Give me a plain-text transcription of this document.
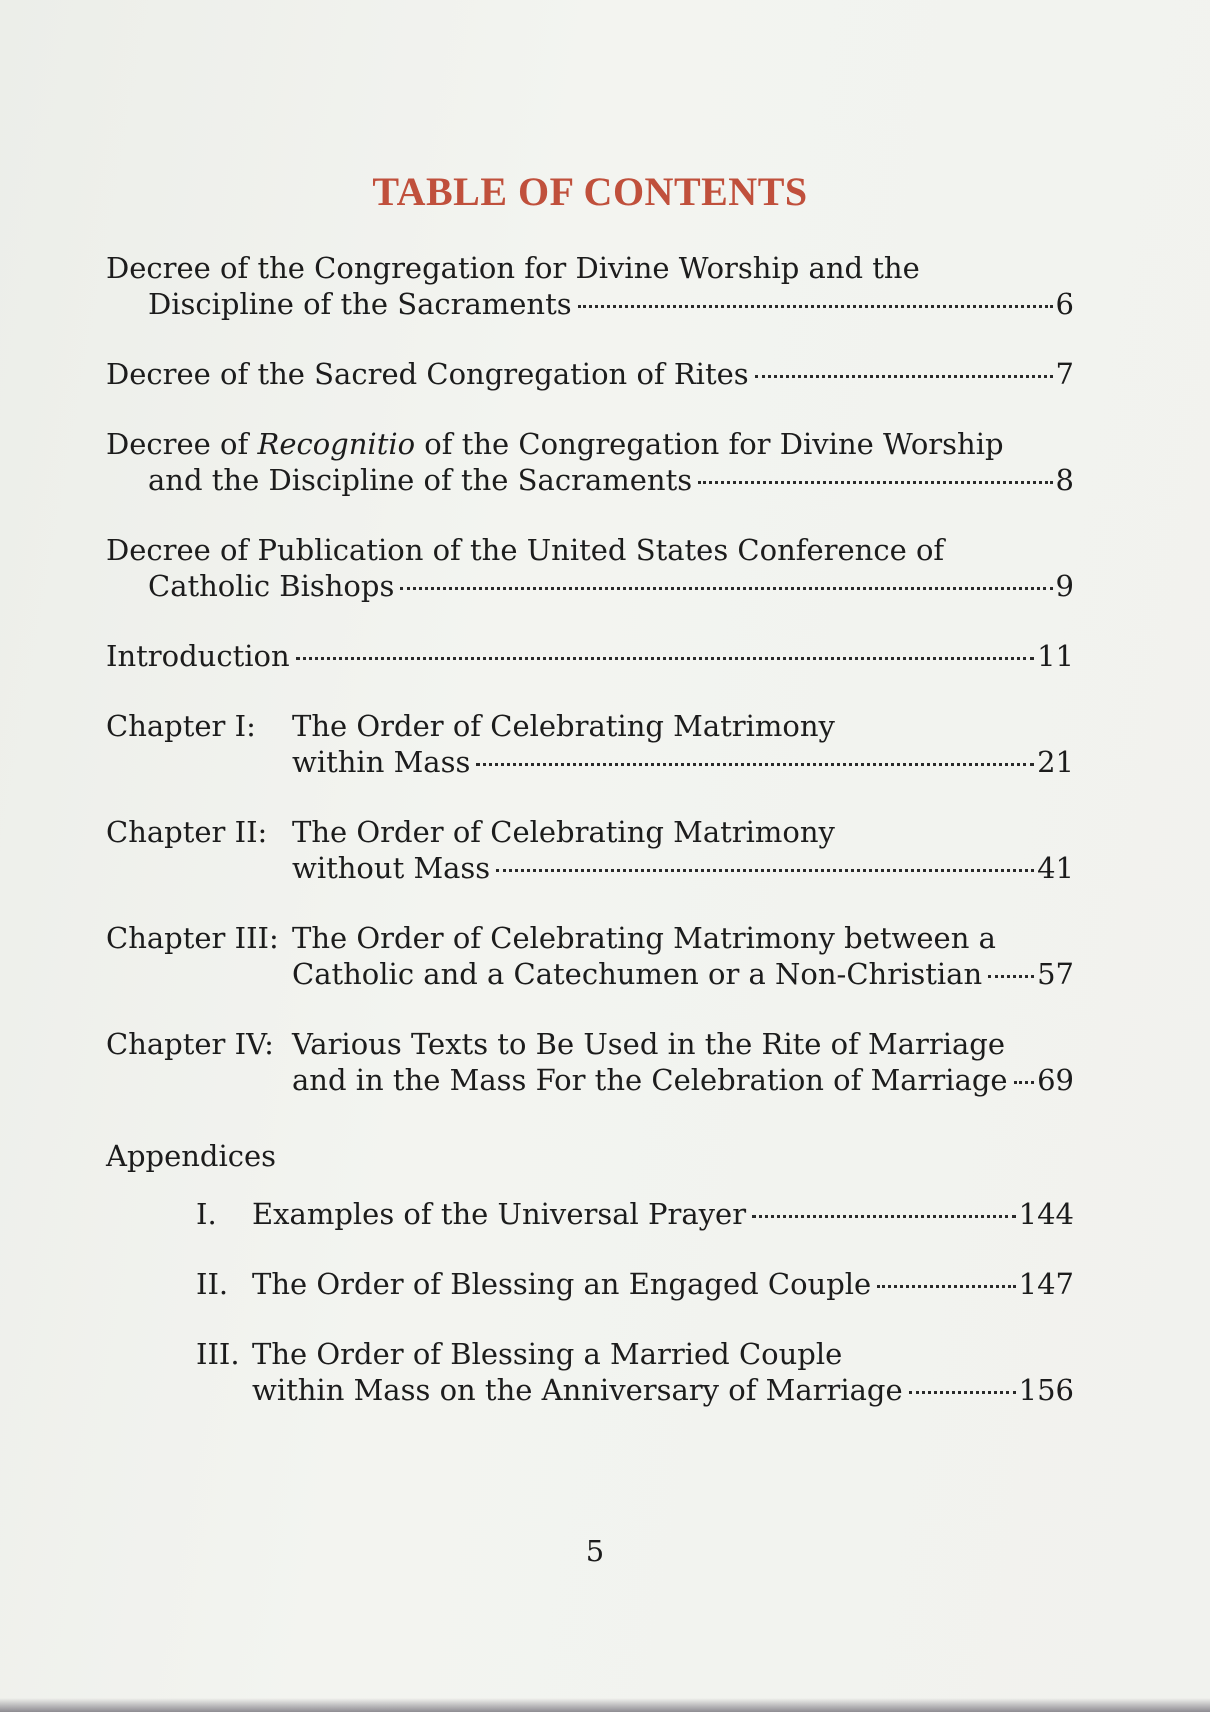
TABLE OF CONTENTS
Decree of the Congregation for Divine Worship and the
Discipline of the Sacraments	6
Decree of the Sacred Congregation of Rites	7
Decree of Recognitio of the Congregation for Divine Worship
and the Discipline of the Sacraments	8
Decree of Publication of the United States Conference of
Catholic Bishops	9
Introduction	11
Chapter I:	The Order of Celebrating Matrimony
within Mass	21
Chapter II: The Order of Celebrating Matrimony
without Mass	41
Chapter III: The Order of Celebrating Matrimony between a
Catholic and a Catechumen or a Non-Christian 57
Chapter IV: Various Texts to Be Used in the Rite of Marriage
and in the Mass For the Celebration of Marriage 69
Appendices
I.	Examples of the Universal Prayer	144
II. The Order of Blessing an Engaged Couple	147
III. The Order of Blessing a Married Couple
within Mass on the Anniversary of Marriage	156
5
